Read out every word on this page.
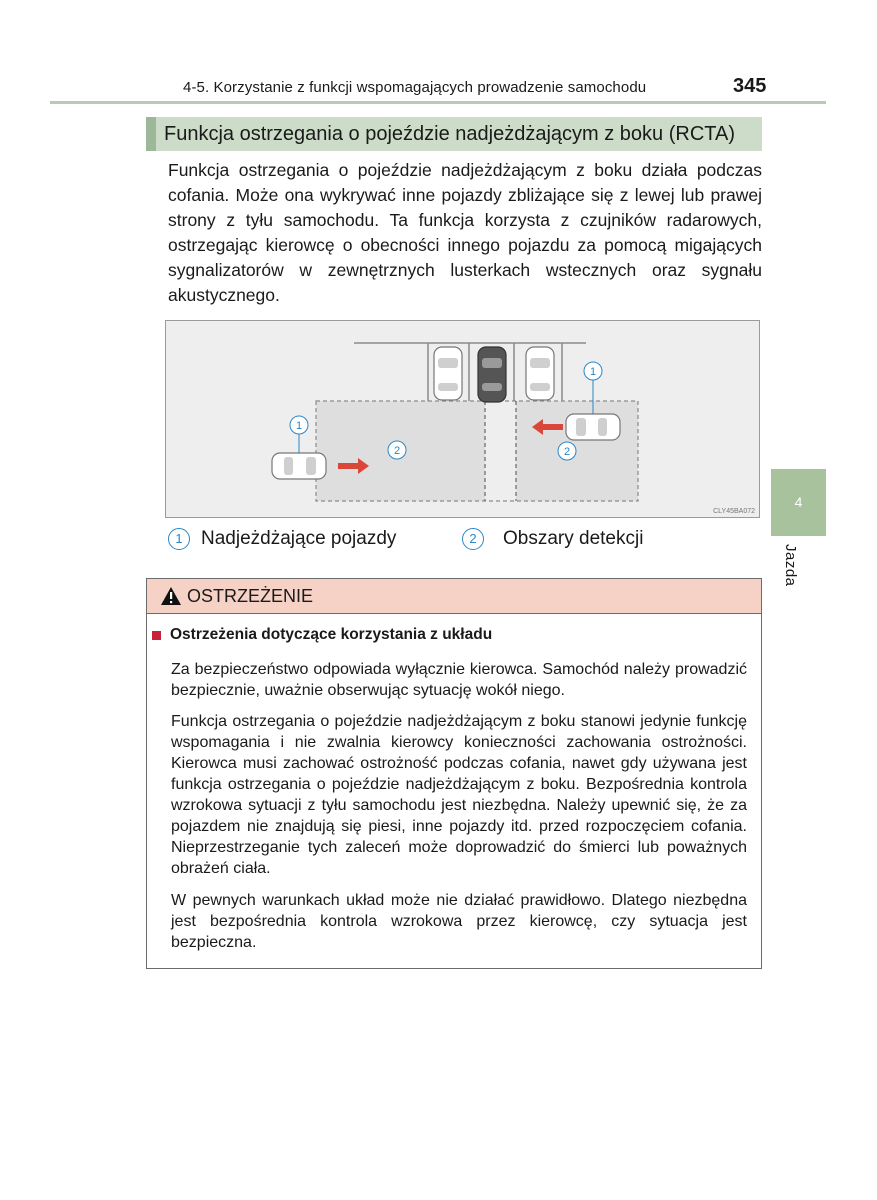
4-5. Korzystanie z funkcji wspomagających prowadzenie samochodu	345
Funkcja ostrzegania o pojeździe nadjeżdżającym z boku (RCTA)
Funkcja ostrzegania o pojeździe nadjeżdżającym z boku działa podczas cofania. Może ona wykrywać inne pojazdy zbliżające się z lewej lub prawej strony z tyłu samochodu. Ta funkcja korzysta z czujników radarowych, ostrzegając kierowcę o obecności innego pojazdu za pomocą migających sygnalizatorów w zewnętrznych lusterkach wstecznych oraz sygnału akustycznego.
1
2
1
2
CLY45BA072
1 Nadjeżdżające pojazdy	2	Obszary detekcji
OSTRZEŻENIE
Ostrzeżenia dotyczące korzystania z układu
Za bezpieczeństwo odpowiada wyłącznie kierowca. Samochód należy prowadzić bezpiecznie, uważnie obserwując sytuację wokół niego.
Funkcja ostrzegania o pojeździe nadjeżdżającym z boku stanowi jedynie funkcję wspomagania i nie zwalnia kierowcy konieczności zachowania ostrożności. Kierowca musi zachować ostrożność podczas cofania, nawet gdy używana jest funkcja ostrzegania o pojeździe nadjeżdżającym z boku. Bezpośrednia kontrola wzrokowa sytuacji z tyłu samochodu jest niezbędna. Należy upewnić się, że za pojazdem nie znajdują się piesi, inne pojazdy itd. przed rozpoczęciem cofania. Nieprzestrzeganie tych zaleceń może doprowadzić do śmierci lub poważnych obrażeń ciała.
W pewnych warunkach układ może nie działać prawidłowo. Dlatego niezbędna jest bezpośrednia kontrola wzrokowa przez kierowcę, czy sytuacja jest bezpieczna.
4
Jazda
